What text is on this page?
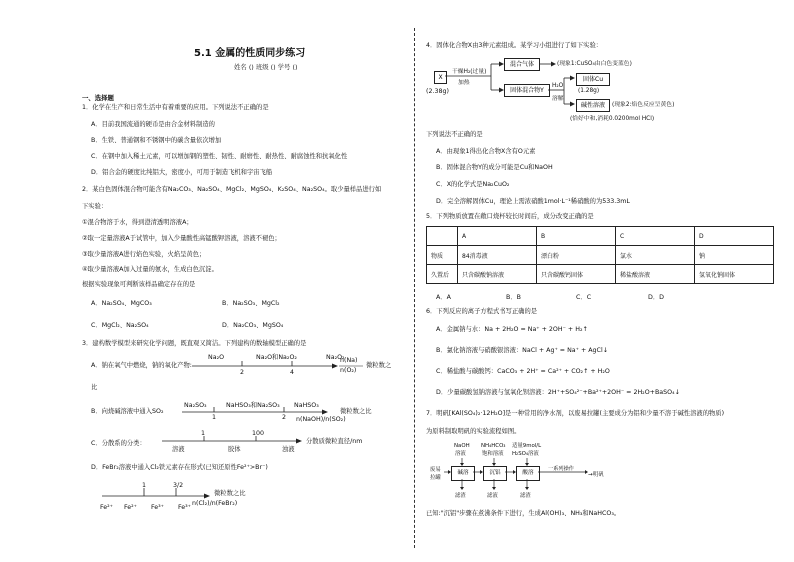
5.1 金属的性质同步练习
姓名 () 班级 () 学号 ()
一、选择题
1．化学在生产和日常生活中有着重要的应用。下列说法不正确的是
A．目前我国流通的硬币是由合金材料制造的
B．生铁、普通钢和不锈钢中的碳含量依次增加
C．在钢中加入稀土元素，可以增加钢的塑性、韧性、耐磨性、耐热性、耐腐蚀性和抗氧化性
D．铝合金的硬度比纯铝大，密度小，可用于制造飞机和宇宙飞船
2．某白色固体混合物可能含有Na₂CO₃、Na₂SO₄、MgCl₂、MgSO₄、K₂SO₄、Na₂SO₄。取少量样品进行如
下实验：
①混合物溶于水，得到澄清透明溶液A；
②取一定量溶液A于试管中，加入少量酸性高锰酸钾溶液，溶液不褪色；
③取少量溶液A进行焰色实验，火焰呈黄色；
④取少量溶液A加入过量的氨水，生成白色沉淀。
根据实验现象可判断该样品确定存在的是
A．Na₂SO₄、MgCO₃	B．Na₂SO₃、MgCl₂
C．MgCl₂、Na₂SO₄	D．Na₂CO₃、MgSO₄
3．建构数学模型来研究化学问题，既直观又简洁。下列建构的数轴模型正确的是
A．钠在氧气中燃烧，钠的氧化产物:
Na₂O	Na₂O和Na₂O₂	Na₂O₂
2	4
n(Na)
n(O₂)
微粒数之
比
B．向烧碱溶液中通入SO₂
Na₂SO₃	NaHSO₃和Na₂SO₃ NaHSO₃
1	2 n(NaOH)/n(SO₂)
微粒数之比
C．分散系的分类：
1	100
溶液	胶体	浊液
分散质微粒直径/nm
D．FeBr₂溶液中通入Cl₂铁元素存在形式(已知还原性Fe²⁺>Br⁻)
1	3/2
Fe²⁺ Fe²⁺ Fe³⁺ Fe³⁺
n(Cl₂)/n(FeBr₂)
微粒数之比
4．固体化合物X由3种元素组成。某学习小组进行了如下实验：
X
(2.38g)
干燥H₂(过量)
加热
混合气体	(现象1:CuSO₄由白色变蓝色)
固体混合物Y
H₂O
溶解
固体Cu
(1.28g)
碱性溶液	(现象2:焰色反应呈黄色)
(恰好中和,消耗0.0200mol HCl)
下列说法不正确的是
A．由现象1得出化合物X含有O元素
B．固体混合物Y的成分可能是Cu和NaOH
C．X的化学式是Na₂CuO₂
D．完全溶解固体Cu，理论上需浓硝酸1mol·L⁻¹稀硝酸的为533.3mL
5．下列物质放置在敞口烧杯较长时间后，成分改变正确的是
	A	B	C	D
物质	84消毒液	漂白粉	氯水	钠
久置后	只含碳酸钠溶液	只含碳酸钙固体	稀盐酸溶液	氢氧化钠固体
A．A	B．B	C．C	D．D
6．下列反应的离子方程式书写正确的是
A．金属钠与水：Na + 2H₂O = Na⁺ + 2OH⁻ + H₂↑
B．氯化钠溶液与硝酸银溶液：NaCl + Ag⁺ = Na⁺ + AgCl↓
C．稀盐酸与碳酸钙：CaCO₃ + 2H⁺ = Ca²⁺ + CO₂↑ + H₂O
D．少量碳酸氢钠溶液与氢氧化钡溶液：2H⁺+SO₄²⁻+Ba²⁺+2OH⁻ = 2H₂O+BaSO₄↓
7．明矾[KAl(SO₄)₂·12H₂O]是一种常用的净水剂，以废易拉罐(主要成分为铝和少量不溶于碱性溶液的物质)
为原料制取明矾的实验流程如图。
NaOH
溶液
NH₄HCO₃
饱和溶液
适量9mol/L
H₂SO₄溶液
废易
拉罐
碱溶	沉铝	酸溶
一系列操作
→明矾
滤渣	滤液	滤渣
已知:"沉铝"步骤在煮沸条件下进行，生成Al(OH)₃、NH₃和NaHCO₃。
